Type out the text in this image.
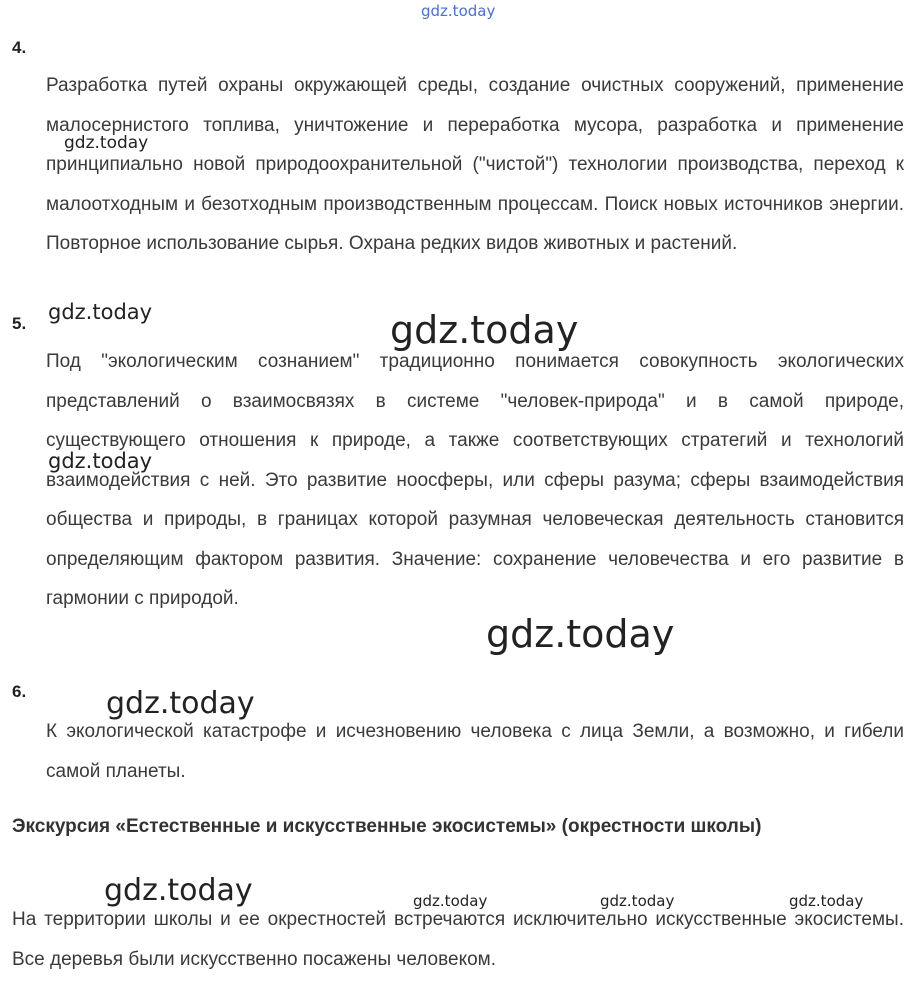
4.
Разработка путей охраны окружающей среды, создание очистных сооружений, применение малосернистого топлива, уничтожение и переработка мусора, разработка и применение принципиально новой природоохранительной ("чистой") технологии производства, переход к малоотходным и безотходным производственным процессам. Поиск новых источников энергии. Повторное использование сырья. Охрана редких видов животных и растений.
5.
Под "экологическим сознанием" традиционно понимается совокупность экологических представлений о взаимосвязях в системе "человек-природа" и в самой природе, существующего отношения к природе, а также соответствующих стратегий и технологий взаимодействия с ней. Это развитие ноосферы, или сферы разума; сферы взаимодействия общества и природы, в границах которой разумная человеческая деятельность становится определяющим фактором развития. Значение: сохранение человечества и его развитие в гармонии с природой.
6.
К экологической катастрофе и исчезновению человека с лица Земли, а возможно, и гибели самой планеты.
Экскурсия «Естественные и искусственные экосистемы» (окрестности школы)
На территории школы и ее окрестностей встречаются исключительно искусственные экосистемы. Все деревья были искусственно посажены человеком.
gdz.today
gdz.today
gdz.today	gdz.today
gdz.today
gdz.today
gdz.today
gdz.today	gdz.today	gdz.today	gdz.today
